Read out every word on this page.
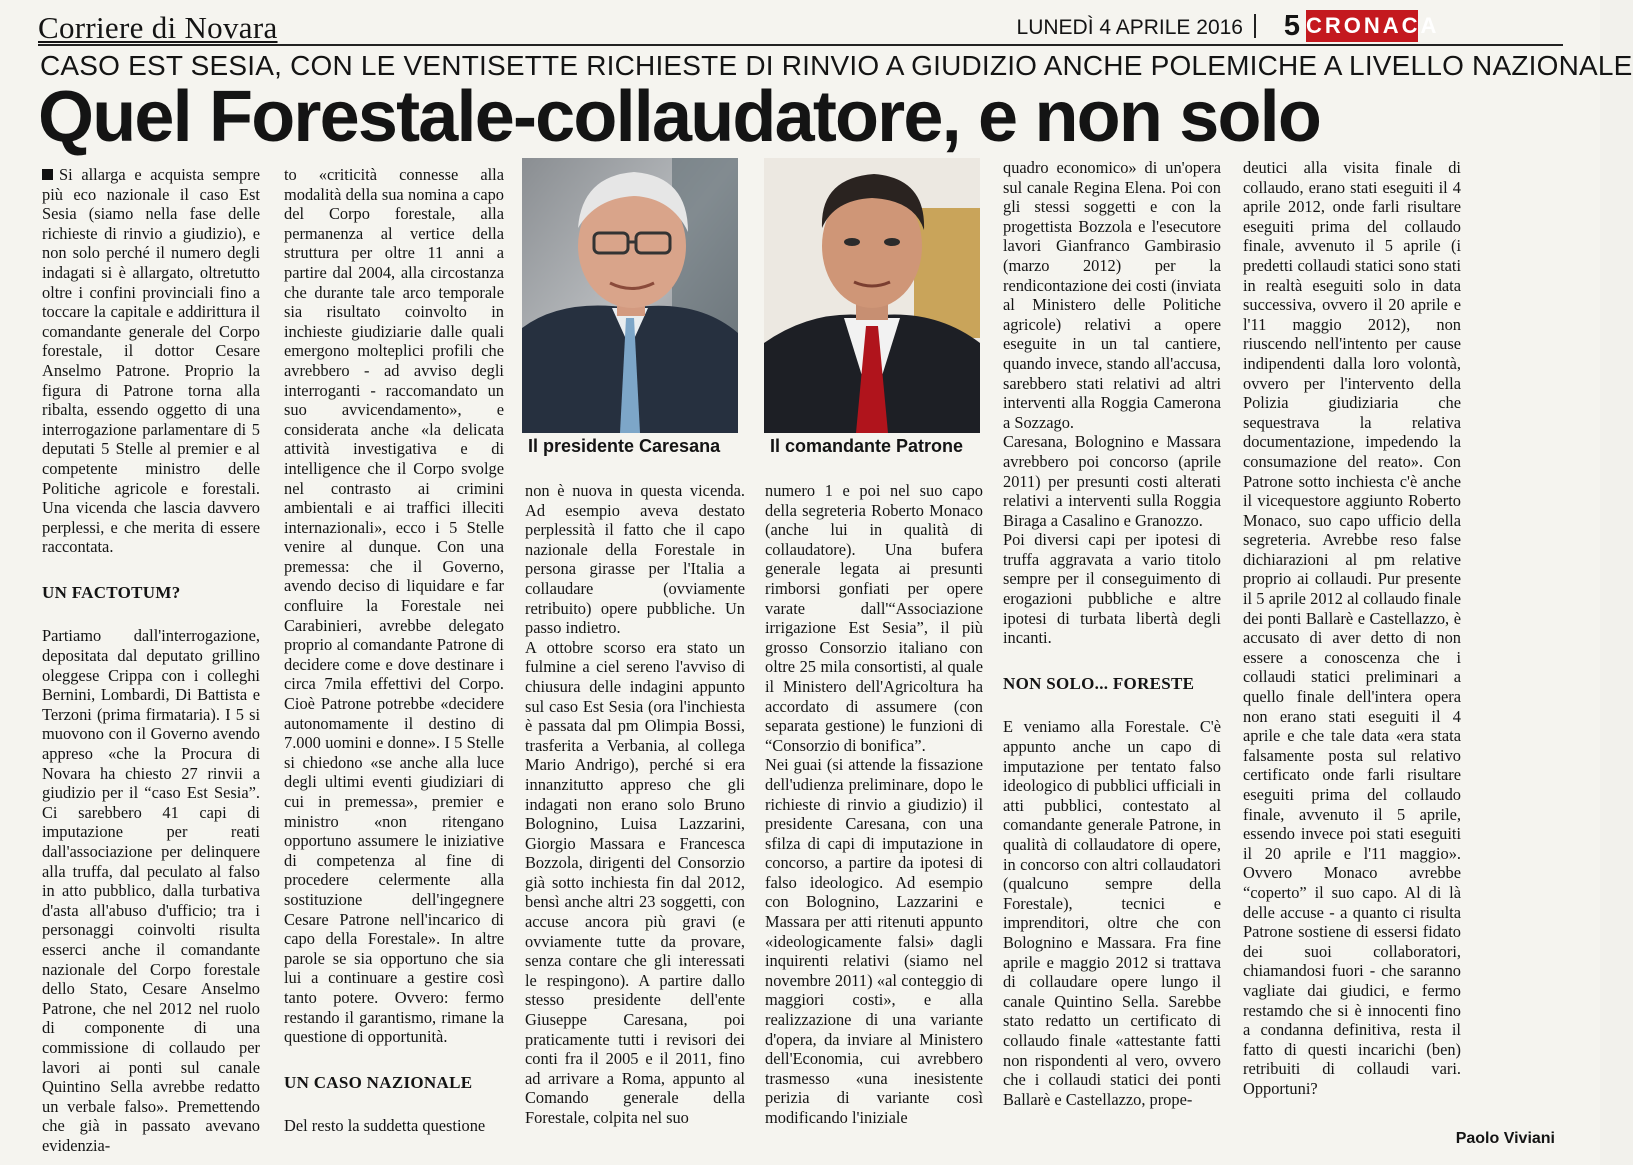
Corriere di Novara	LUNEDÌ 4 APRILE 2016 5 CRONACA
CASO EST SESIA, CON LE VENTISETTE RICHIESTE DI RINVIO A GIUDIZIO ANCHE POLEMICHE A LIVELLO NAZIONALE
Quel Forestale-collaudatore, e non solo

Si allarga e acquista sempre più eco nazionale il caso Est Sesia (siamo nella fase delle richieste di rinvio a giudizio), e non solo perché il numero degli indagati si è allargato, oltretutto oltre i confini provinciali fino a toccare la capitale e addirittura il comandante generale del Corpo forestale, il dottor Cesare Anselmo Patrone. Proprio la figura di Patrone torna alla ribalta, essendo oggetto di una interrogazione parlamentare di 5 deputati 5 Stelle al premier e al competente ministro delle Politiche agricole e forestali. Una vicenda che lascia davvero perplessi, e che merita di essere raccontata.

UN FACTOTUM?

Partiamo dall'interrogazione, depositata dal deputato grillino oleggese Crippa con i colleghi Bernini, Lombardi, Di Battista e Terzoni (prima firmataria). I 5 si muovono con il Governo avendo appreso «che la Procura di Novara ha chiesto 27 rinvii a giudizio per il “caso Est Sesia”. Ci sarebbero 41 capi di imputazione per reati dall'associazione per delinquere alla truffa, dal peculato al falso in atto pubblico, dalla turbativa d'asta all'abuso d'ufficio; tra i personaggi coinvolti risulta esserci anche il comandante nazionale del Corpo forestale dello Stato, Cesare Anselmo Patrone, che nel 2012 nel ruolo di componente di una commissione di collaudo per lavori ai ponti sul canale Quintino Sella avrebbe redatto un verbale falso». Premettendo che già in passato avevano evidenzia-

to «criticità connesse alla modalità della sua nomina a capo del Corpo forestale, alla permanenza al vertice della struttura per oltre 11 anni a partire dal 2004, alla circostanza che durante tale arco temporale sia risultato coinvolto in inchieste giudiziarie dalle quali emergono molteplici profili che avrebbero - ad avviso degli interroganti - raccomandato un suo avvicendamento», e considerata anche «la delicata attività investigativa e di intelligence che il Corpo svolge nel contrasto ai crimini ambientali e ai traffici illeciti internazionali», ecco i 5 Stelle venire al dunque. Con una premessa: che il Governo, avendo deciso di liquidare e far confluire la Forestale nei Carabinieri, avrebbe delegato proprio al comandante Patrone di decidere come e dove destinare i circa 7mila effettivi del Corpo. Cioè Patrone potrebbe «decidere autonomamente il destino di 7.000 uomini e donne». I 5 Stelle si chiedono «se anche alla luce degli ultimi eventi giudiziari di cui in premessa», premier e ministro «non ritengano opportuno assumere le iniziative di competenza al fine di procedere celermente alla sostituzione dell'ingegnere Cesare Patrone nell'incarico di capo della Forestale». In altre parole se sia opportuno che sia lui a continuare a gestire così tanto potere. Ovvero: fermo restando il garantismo, rimane la questione di opportunità.

UN CASO NAZIONALE

Del resto la suddetta questione

Il presidente Caresana	Il comandante Patrone

non è nuova in questa vicenda. Ad esempio aveva destato perplessità il fatto che il capo nazionale della Forestale in persona girasse per l'Italia a collaudare (ovviamente retribuito) opere pubbliche. Un passo indietro.

A ottobre scorso era stato un fulmine a ciel sereno l'avviso di chiusura delle indagini appunto sul caso Est Sesia (ora l'inchiesta è passata dal pm Olimpia Bossi, trasferita a Verbania, al collega Mario Andrigo), perché si era innanzitutto appreso che gli indagati non erano solo Bruno Bolognino, Luisa Lazzarini, Giorgio Massara e Francesca Bozzola, dirigenti del Consorzio già sotto inchiesta fin dal 2012, bensì anche altri 23 soggetti, con accuse ancora più gravi (e ovviamente tutte da provare, senza contare che gli interessati le respingono). A partire dallo stesso presidente dell'ente Giuseppe Caresana, poi praticamente tutti i revisori dei conti fra il 2005 e il 2011, fino ad arrivare a Roma, appunto al Comando generale della Forestale, colpita nel suo

numero 1 e poi nel suo capo della segreteria Roberto Monaco (anche lui in qualità di collaudatore). Una bufera generale legata ai presunti rimborsi gonfiati per opere varate dall'“Associazione irrigazione Est Sesia”, il più grosso Consorzio italiano con oltre 25 mila consortisti, al quale il Ministero dell'Agricoltura ha accordato di assumere (con separata gestione) le funzioni di “Consorzio di bonifica”.

Nei guai (si attende la fissazione dell'udienza preliminare, dopo le richieste di rinvio a giudizio) il presidente Caresana, con una sfilza di capi di imputazione in concorso, a partire da ipotesi di falso ideologico. Ad esempio con Bolognino, Lazzarini e Massara per atti ritenuti appunto «ideologicamente falsi» dagli inquirenti relativi (siamo nel novembre 2011) «al conteggio di maggiori costi», e alla realizzazione di una variante d'opera, da inviare al Ministero dell'Economia, cui avrebbero trasmesso «una inesistente perizia di variante così modificando l'iniziale

quadro economico» di un'opera sul canale Regina Elena. Poi con gli stessi soggetti e con la progettista Bozzola e l'esecutore lavori Gianfranco Gambirasio (marzo 2012) per la rendicontazione dei costi (inviata al Ministero delle Politiche agricole) relativi a opere eseguite in un tal cantiere, quando invece, stando all'accusa, sarebbero stati relativi ad altri interventi alla Roggia Camerona a Sozzago.

Caresana, Bolognino e Massara avrebbero poi concorso (aprile 2011) per presunti costi alterati relativi a interventi sulla Roggia Biraga a Casalino e Granozzo.

Poi diversi capi per ipotesi di truffa aggravata a vario titolo sempre per il conseguimento di erogazioni pubbliche e altre ipotesi di turbata libertà degli incanti.

NON SOLO... FORESTE

E veniamo alla Forestale. C'è appunto anche un capo di imputazione per tentato falso ideologico di pubblici ufficiali in atti pubblici, contestato al comandante generale Patrone, in qualità di collaudatore di opere, in concorso con altri collaudatori (qualcuno sempre della Forestale), tecnici e imprenditori, oltre che con Bolognino e Massara. Fra fine aprile e maggio 2012 si trattava di collaudare opere lungo il canale Quintino Sella. Sarebbe stato redatto un certificato di collaudo finale «attestante fatti non rispondenti al vero, ovvero che i collaudi statici dei ponti Ballarè e Castellazzo, prope-

deutici alla visita finale di collaudo, erano stati eseguiti il 4 aprile 2012, onde farli risultare eseguiti prima del collaudo finale, avvenuto il 5 aprile (i predetti collaudi statici sono stati in realtà eseguiti solo in data successiva, ovvero il 20 aprile e l'11 maggio 2012), non riuscendo nell'intento per cause indipendenti dalla loro volontà, ovvero per l'intervento della Polizia giudiziaria che sequestrava la relativa documentazione, impedendo la consumazione del reato». Con Patrone sotto inchiesta c'è anche il vicequestore aggiunto Roberto Monaco, suo capo ufficio della segreteria. Avrebbe reso false dichiarazioni al pm relative proprio ai collaudi. Pur presente il 5 aprile 2012 al collaudo finale dei ponti Ballarè e Castellazzo, è accusato di aver detto di non essere a conoscenza che i collaudi statici preliminari a quello finale dell'intera opera non erano stati eseguiti il 4 aprile e che tale data «era stata falsamente posta sul relativo certificato onde farli risultare eseguiti prima del collaudo finale, avvenuto il 5 aprile, essendo invece poi stati eseguiti il 20 aprile e l'11 maggio». Ovvero Monaco avrebbe “coperto” il suo capo. Al di là delle accuse - a quanto ci risulta Patrone sostiene di essersi fidato dei suoi collaboratori, chiamandosi fuori - che saranno vagliate dai giudici, e fermo restamdo che si è innocenti fino a condanna definitiva, resta il fatto di questi incarichi (ben) retribuiti di collaudi vari. Opportuni?

Paolo Viviani
